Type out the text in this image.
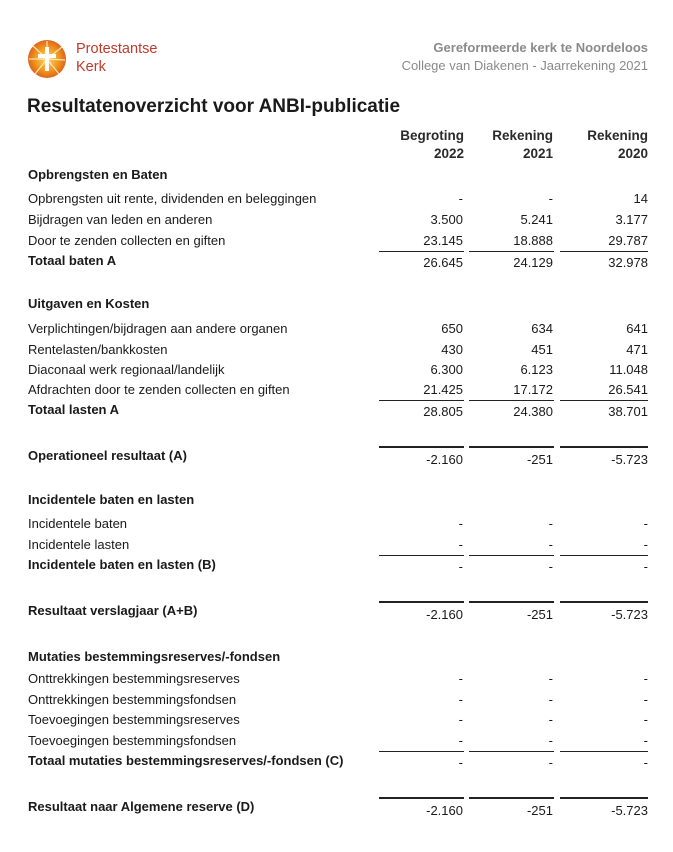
Protestantse
Kerk
Gereformeerde kerk te Noordeloos
College van Diakenen - Jaarrekening 2021
Resultatenoverzicht voor ANBI-publicatie
Begroting
2022
Rekening
2021
Rekening
2020
Opbrengsten en Baten
Opbrengsten uit rente, dividenden en beleggingen	-	-	14
Bijdragen van leden en anderen	3.500	5.241	3.177
Door te zenden collecten en giften	23.145	18.888	29.787
Totaal baten A	26.645	24.129	32.978
Uitgaven en Kosten
Verplichtingen/bijdragen aan andere organen	650	634	641
Rentelasten/bankkosten	430	451	471
Diaconaal werk regionaal/landelijk	6.300	6.123	11.048
Afdrachten door te zenden collecten en giften	21.425	17.172	26.541
Totaal lasten A	28.805	24.380	38.701
Operationeel resultaat (A)	-2.160	-251	-5.723
Incidentele baten en lasten
Incidentele baten	-	-	-
Incidentele lasten	-	-	-
Incidentele baten en lasten (B)	-	-	-
Resultaat verslagjaar (A+B)	-2.160	-251	-5.723
Mutaties bestemmingsreserves/-fondsen
Onttrekkingen bestemmingsreserves	-	-	-
Onttrekkingen bestemmingsfondsen	-	-	-
Toevoegingen bestemmingsreserves	-	-	-
Toevoegingen bestemmingsfondsen	-	-	-
Totaal mutaties bestemmingsreserves/-fondsen (C)	-	-	-
Resultaat naar Algemene reserve (D)	-2.160	-251	-5.723
